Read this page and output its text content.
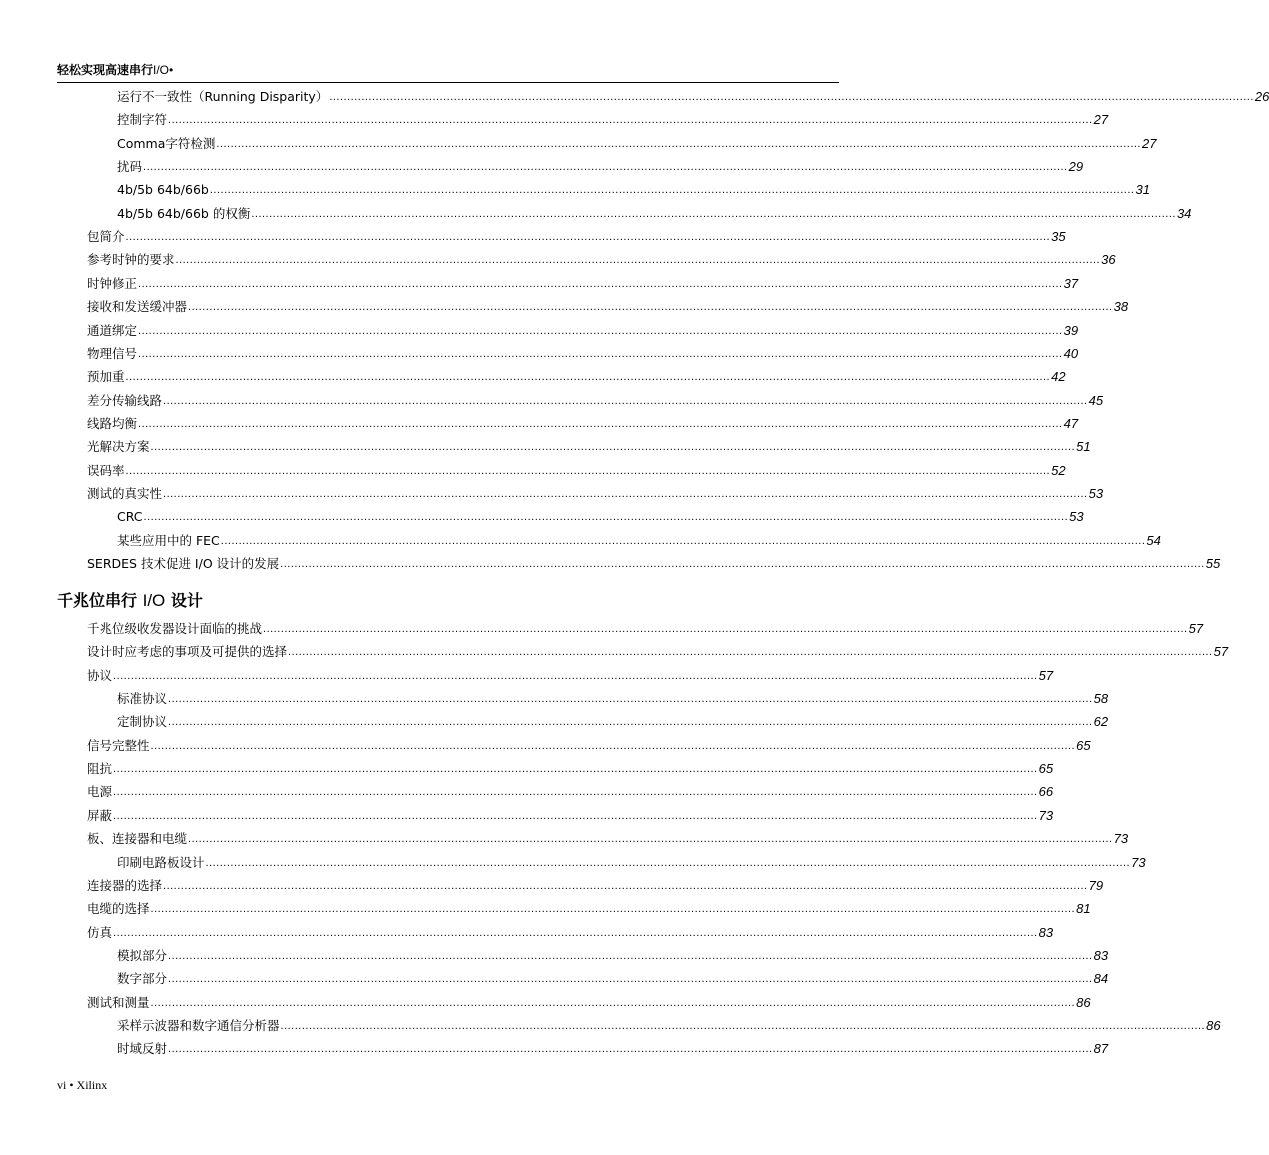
轻松实现高速串行I/O•
运行不一致性（Running Disparity） .................................................................................................................................................................................................................................................................... 26
控制字符 .................................................................................................................................................................................................................................................................... 27
Comma字符检测 .................................................................................................................................................................................................................................................................... 27
扰码 .................................................................................................................................................................................................................................................................... 29
4b/5b 64b/66b .................................................................................................................................................................................................................................................................... 31
4b/5b 64b/66b 的权衡 .................................................................................................................................................................................................................................................................... 34
包简介 .................................................................................................................................................................................................................................................................... 35
参考时钟的要求 .................................................................................................................................................................................................................................................................... 36
时钟修正 .................................................................................................................................................................................................................................................................... 37
接收和发送缓冲器 .................................................................................................................................................................................................................................................................... 38
通道绑定 .................................................................................................................................................................................................................................................................... 39
物理信号 .................................................................................................................................................................................................................................................................... 40
预加重 .................................................................................................................................................................................................................................................................... 42
差分传输线路 .................................................................................................................................................................................................................................................................... 45
线路均衡 .................................................................................................................................................................................................................................................................... 47
光解决方案 .................................................................................................................................................................................................................................................................... 51
误码率 .................................................................................................................................................................................................................................................................... 52
测试的真实性 .................................................................................................................................................................................................................................................................... 53
CRC .................................................................................................................................................................................................................................................................... 53
某些应用中的 FEC .................................................................................................................................................................................................................................................................... 54
SERDES 技术促进 I/O 设计的发展 .................................................................................................................................................................................................................................................................... 55
千兆位串行 I/O 设计
千兆位级收发器设计面临的挑战 .................................................................................................................................................................................................................................................................... 57
设计时应考虑的事项及可提供的选择 .................................................................................................................................................................................................................................................................... 57
协议 .................................................................................................................................................................................................................................................................... 57
标准协议 .................................................................................................................................................................................................................................................................... 58
定制协议 .................................................................................................................................................................................................................................................................... 62
信号完整性 .................................................................................................................................................................................................................................................................... 65
阻抗 .................................................................................................................................................................................................................................................................... 65
电源 .................................................................................................................................................................................................................................................................... 66
屏蔽 .................................................................................................................................................................................................................................................................... 73
板、连接器和电缆 .................................................................................................................................................................................................................................................................... 73
印刷电路板设计 .................................................................................................................................................................................................................................................................... 73
连接器的选择 .................................................................................................................................................................................................................................................................... 79
电缆的选择 .................................................................................................................................................................................................................................................................... 81
仿真 .................................................................................................................................................................................................................................................................... 83
模拟部分 .................................................................................................................................................................................................................................................................... 83
数字部分 .................................................................................................................................................................................................................................................................... 84
测试和测量 .................................................................................................................................................................................................................................................................... 86
采样示波器和数字通信分析器 .................................................................................................................................................................................................................................................................... 86
时域反射 .................................................................................................................................................................................................................................................................... 87
vi • Xilinx
